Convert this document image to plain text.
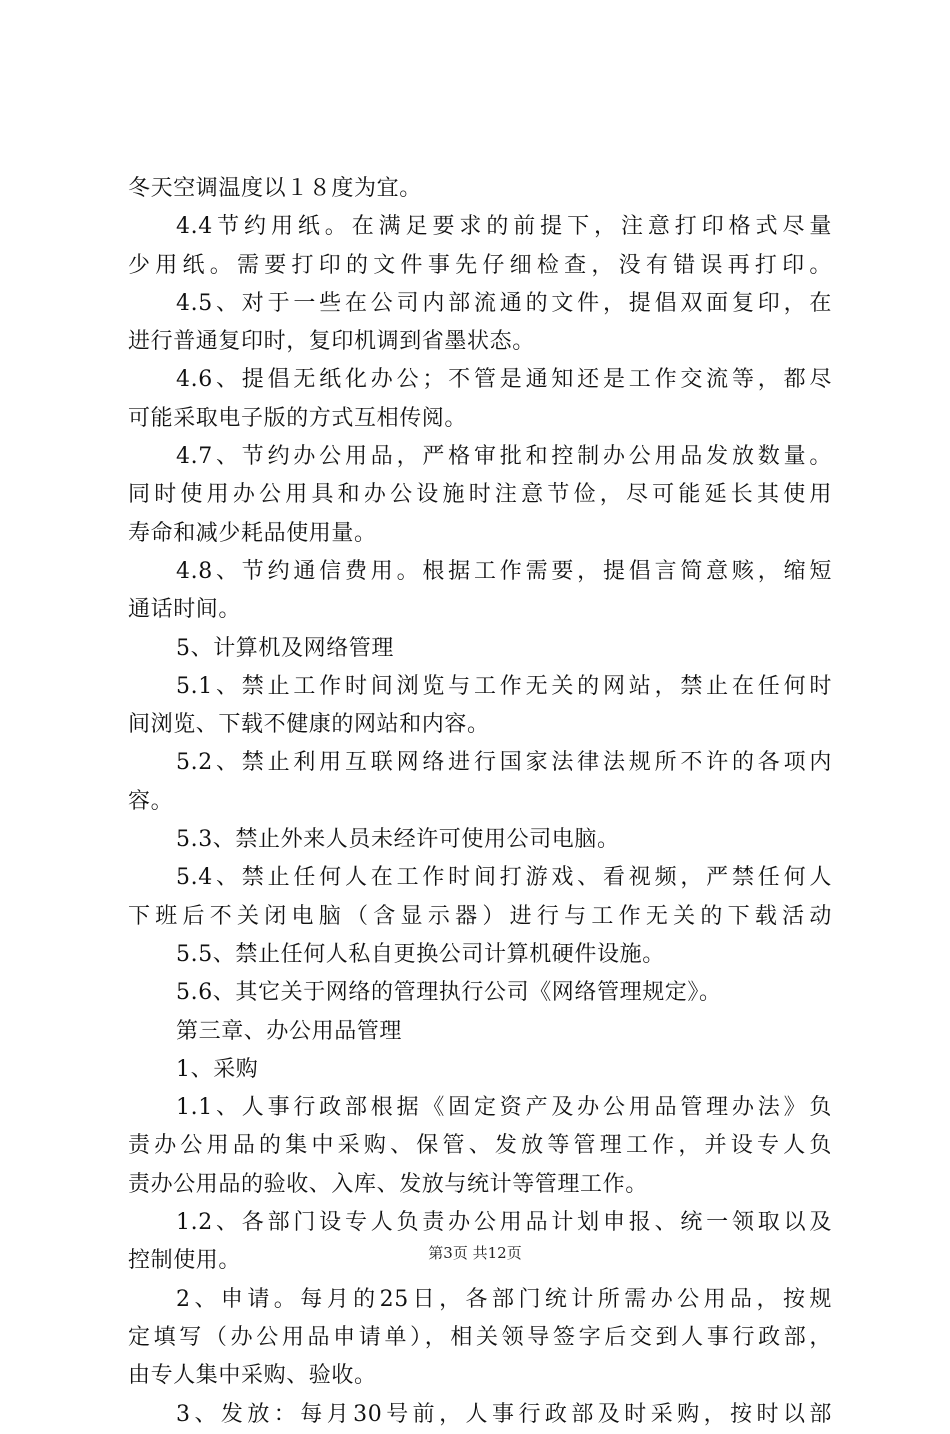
冬天空调温度以１８度为宜。
4.4节约用纸。在满足要求的前提下，注意打印格式尽量
少用纸。需要打印的文件事先仔细检查，没有错误再打印。
4.5、对于一些在公司内部流通的文件，提倡双面复印，在
进行普通复印时，复印机调到省墨状态。
4.6、提倡无纸化办公；不管是通知还是工作交流等，都尽
可能采取电子版的方式互相传阅。
4.7、节约办公用品，严格审批和控制办公用品发放数量。
同时使用办公用具和办公设施时注意节俭，尽可能延长其使用
寿命和减少耗品使用量。
4.8、节约通信费用。根据工作需要，提倡言简意赅，缩短
通话时间。
5、计算机及网络管理
5.1、禁止工作时间浏览与工作无关的网站，禁止在任何时
间浏览、下载不健康的网站和内容。
5.2、禁止利用互联网络进行国家法律法规所不许的各项内
容。
5.3、禁止外来人员未经许可使用公司电脑。
5.4、禁止任何人在工作时间打游戏、看视频，严禁任何人
下班后不关闭电脑（含显示器）进行与工作无关的下载活动
5.5、禁止任何人私自更换公司计算机硬件设施。
5.6、其它关于网络的管理执行公司《网络管理规定》。
第三章、办公用品管理
1、采购
1.1、人事行政部根据《固定资产及办公用品管理办法》负
责办公用品的集中采购、保管、发放等管理工作，并设专人负
责办公用品的验收、入库、发放与统计等管理工作。
1.2、各部门设专人负责办公用品计划申报、统一领取以及
控制使用。
2、申请。每月的25日，各部门统计所需办公用品，按规
定填写（办公用品申请单），相关领导签字后交到人事行政部，
由专人集中采购、验收。
3、发放：每月30号前，人事行政部及时采购，按时以部
第3页 共12页
